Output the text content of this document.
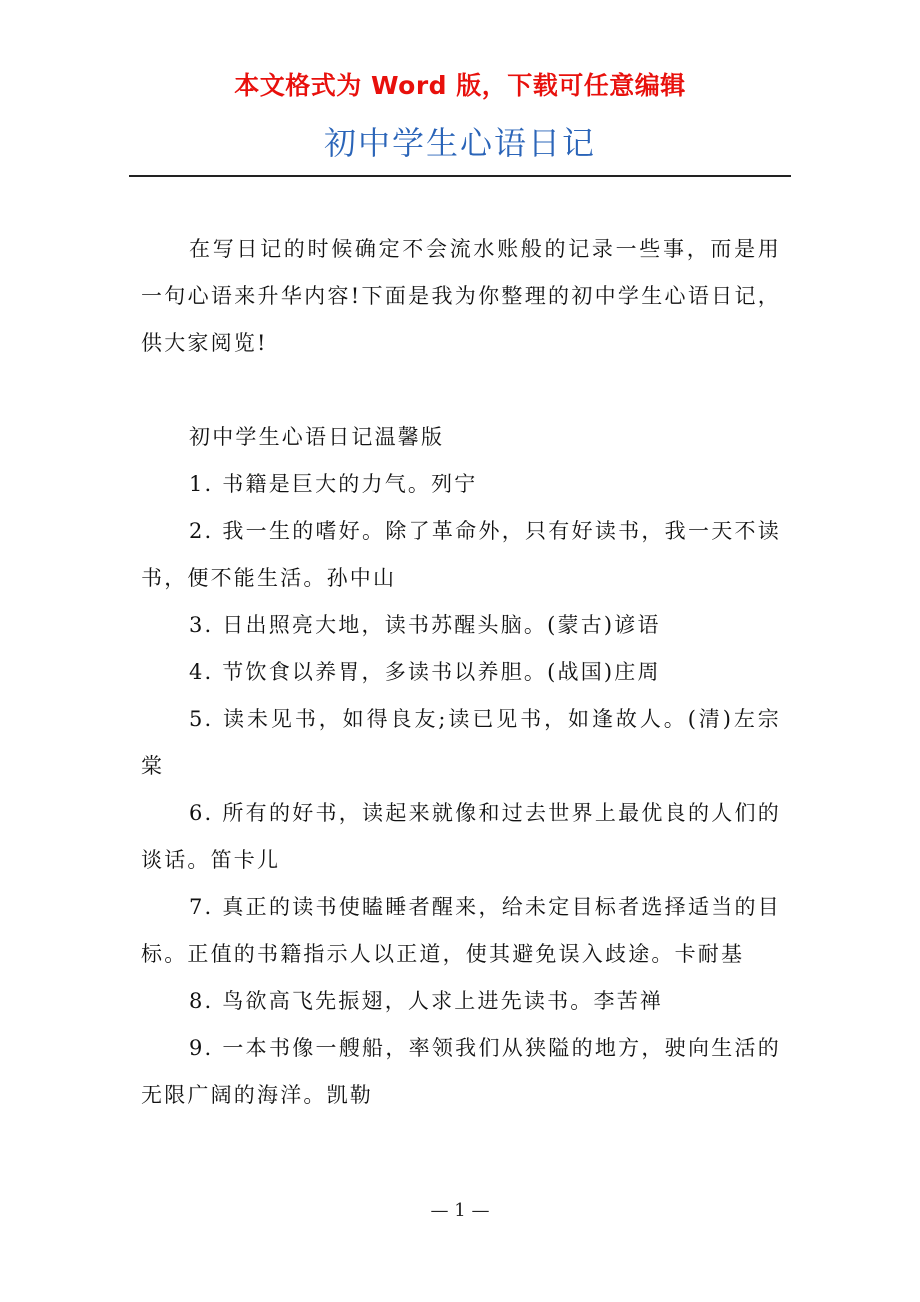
本文格式为 Word 版，下载可任意编辑
初中学生心语日记

在写日记的时候确定不会流水账般的记录一些事，而是用一句心语来升华内容!下面是我为你整理的初中学生心语日记，供大家阅览!

初中学生心语日记温馨版

1. 书籍是巨大的力气。列宁

2. 我一生的嗜好。除了革命外，只有好读书，我一天不读书，便不能生活。孙中山

3. 日出照亮大地，读书苏醒头脑。(蒙古)谚语

4. 节饮食以养胃，多读书以养胆。(战国)庄周

5. 读未见书，如得良友;读已见书，如逢故人。(清)左宗棠

6. 所有的好书，读起来就像和过去世界上最优良的人们的谈话。笛卡儿

7. 真正的读书使瞌睡者醒来，给未定目标者选择适当的目标。正值的书籍指示人以正道，使其避免误入歧途。卡耐基

8. 鸟欲高飞先振翅，人求上进先读书。李苦禅

9. 一本书像一艘船，率领我们从狭隘的地方，驶向生活的无限广阔的海洋。凯勒

— 1 —
